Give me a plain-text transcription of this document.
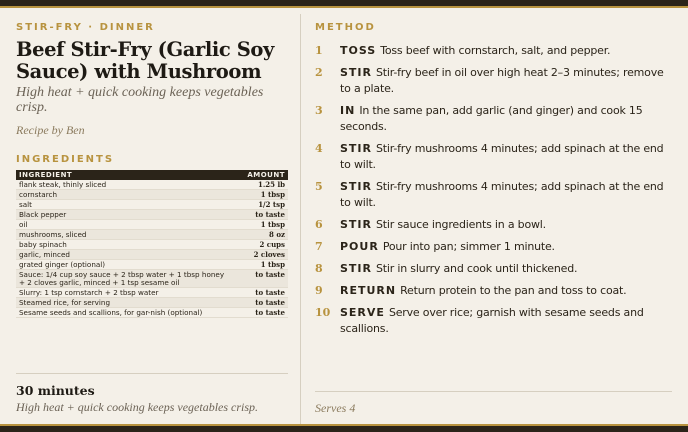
STIR-FRY · DINNER
Beef Stir-Fry (Garlic Soy Sauce) with Mushroom
High heat + quick cooking keeps vegetables crisp.
Recipe by Ben
INGREDIENTS
INGREDIENT	AMOUNT
flank steak, thinly sliced	1.25 lb
cornstarch	1 tbsp
salt	1/2 tsp
Black pepper	to taste
oil	1 tbsp
mushrooms, sliced	8 oz
baby spinach	2 cups
garlic, minced	2 cloves
grated ginger (optional)	1 tbsp
Sauce: 1/4 cup soy sauce + 2 tbsp water + 1 tbsp honey + 2 cloves garlic, minced + 1 tsp sesame oil	to taste
Slurry: 1 tsp cornstarch + 2 tbsp water	to taste
Steamed rice, for serving	to taste
Sesame seeds and scallions, for gar-nish (optional)	to taste
30 minutes
High heat + quick cooking keeps vegetables crisp.
METHOD
1	TOSS Toss beef with cornstarch, salt, and pepper.
2	STIR Stir-fry beef in oil over high heat 2–3 minutes; remove to a plate.
3	IN In the same pan, add garlic (and ginger) and cook 15 seconds.
4	STIR Stir-fry mushrooms 4 minutes; add spinach at the end to wilt.
5	STIR Stir-fry mushrooms 4 minutes; add spinach at the end to wilt.
6	STIR Stir sauce ingredients in a bowl.
7	POUR Pour into pan; simmer 1 minute.
8	STIR Stir in slurry and cook until thickened.
9	RETURN Return protein to the pan and toss to coat.
10 SERVE Serve over rice; garnish with sesame seeds and scallions.
Serves 4
